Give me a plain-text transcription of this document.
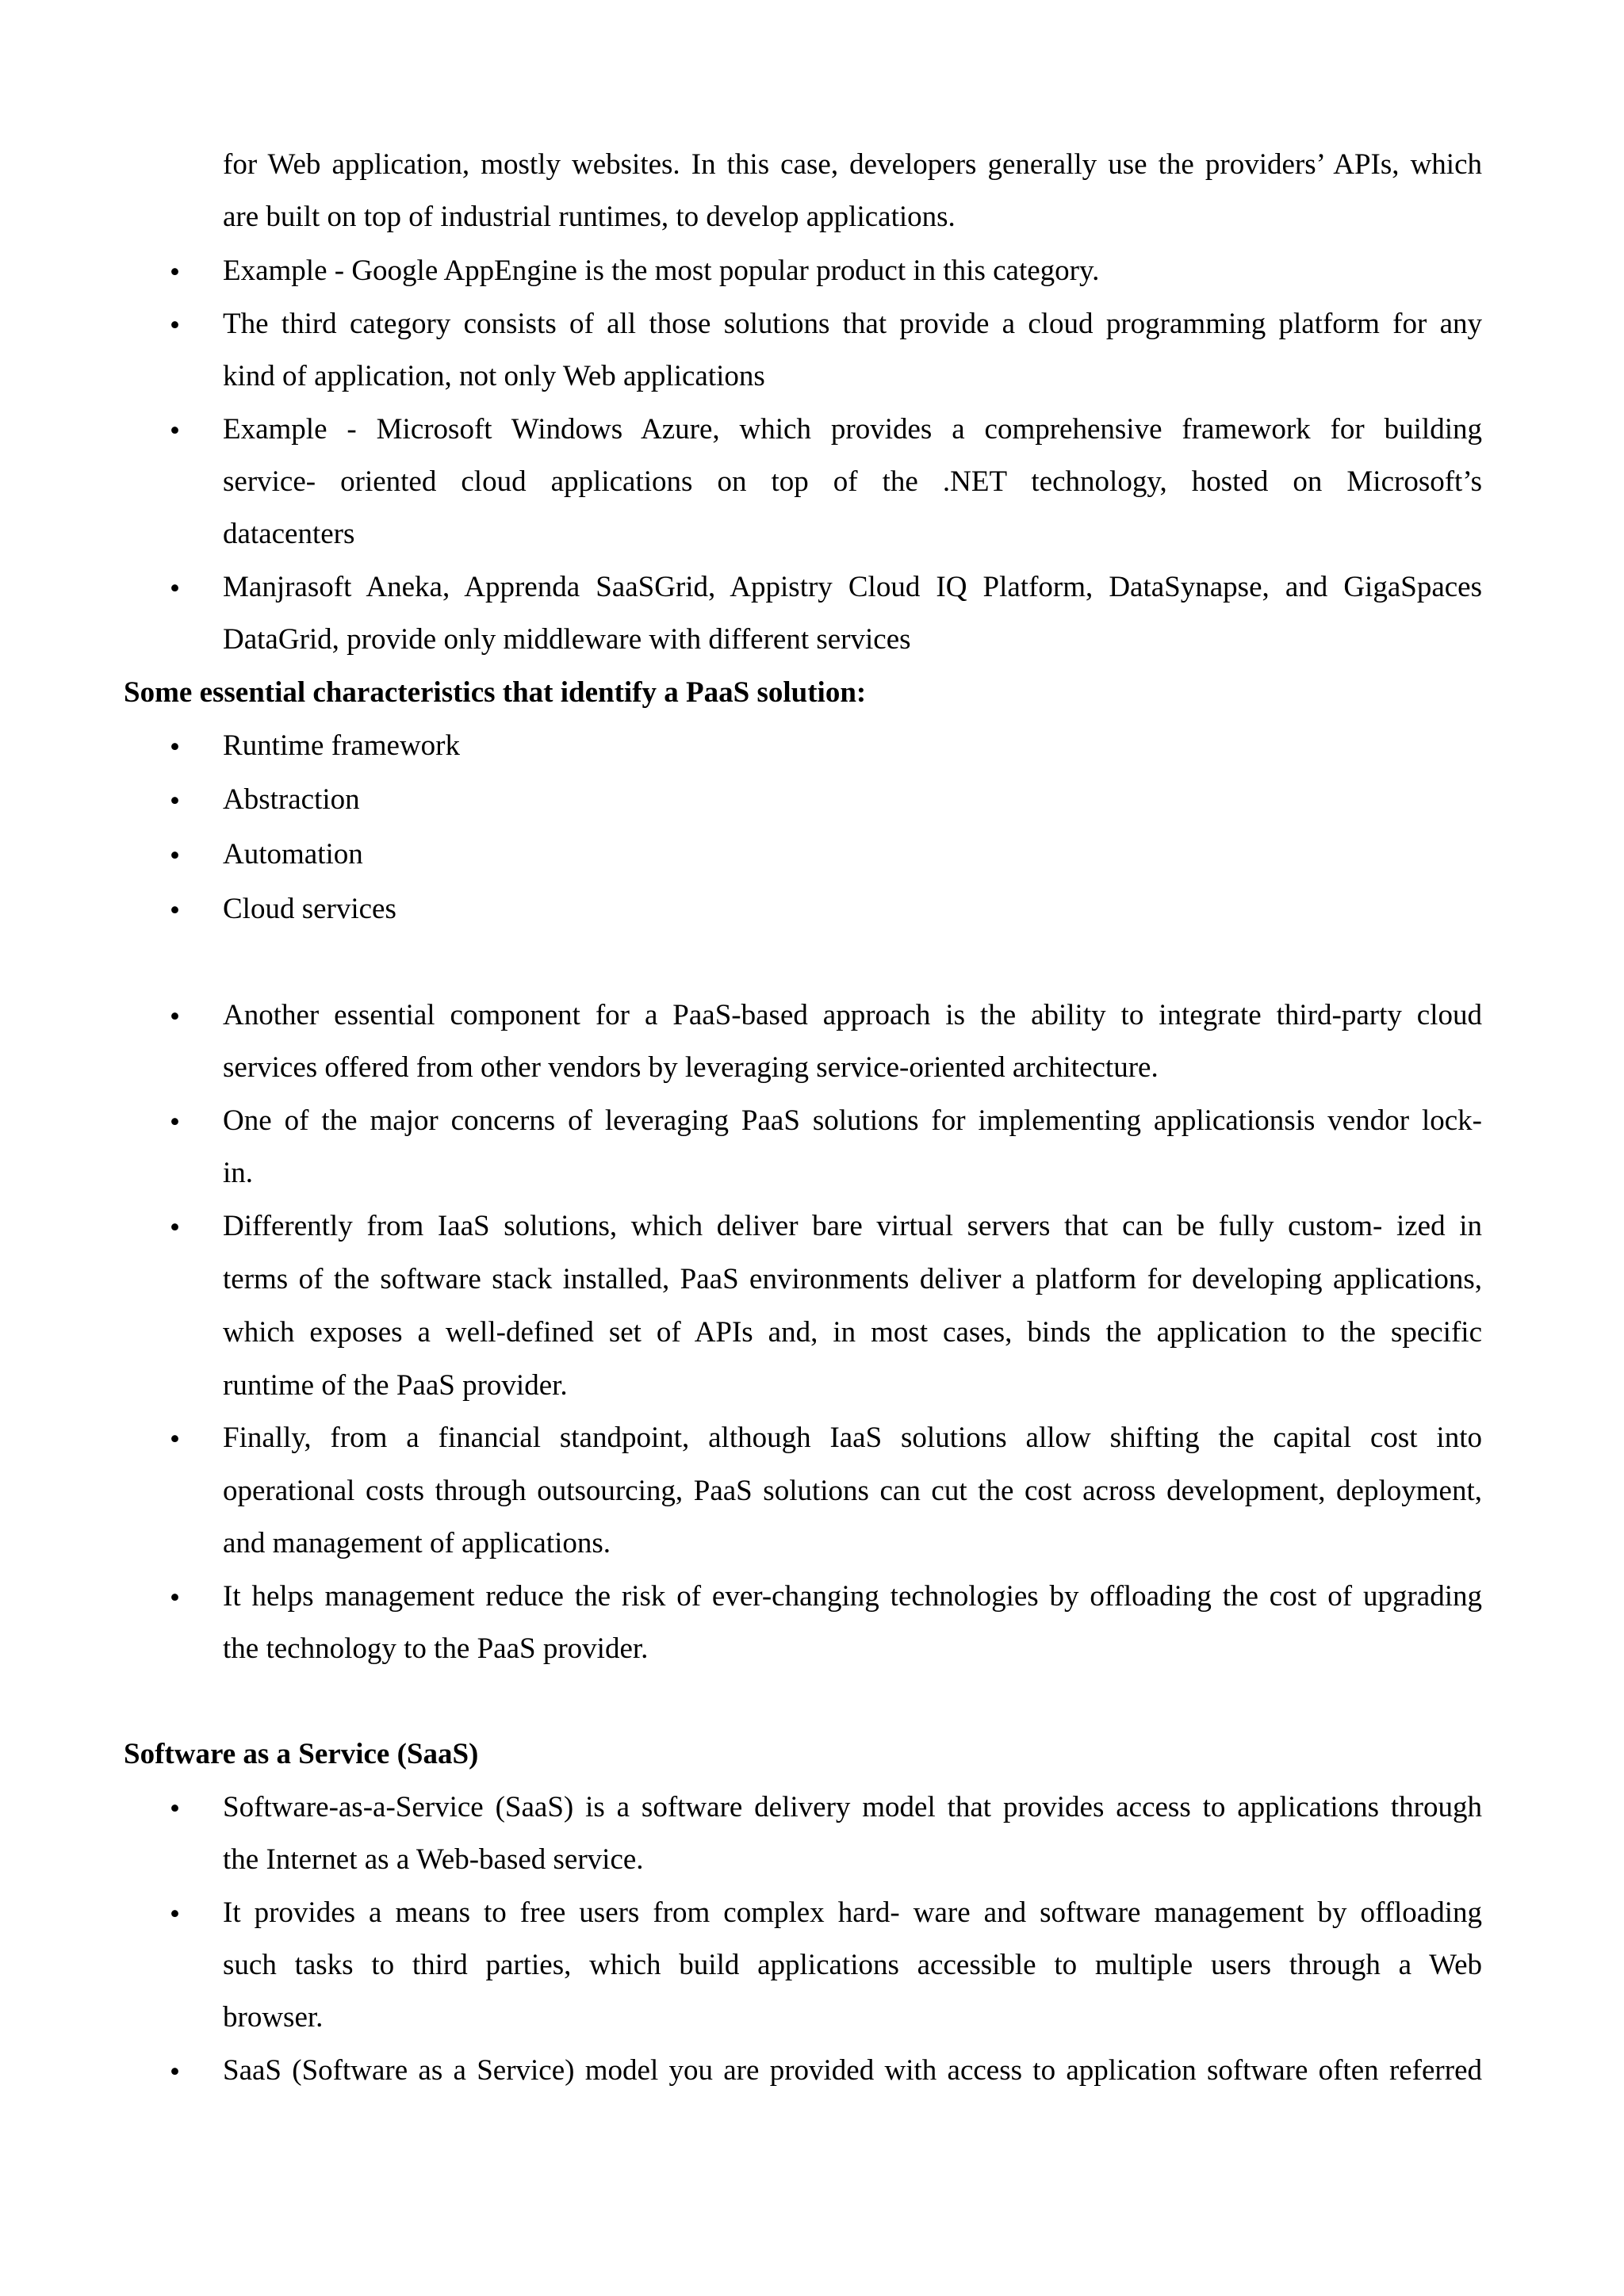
for Web application, mostly websites. In this case, developers generally use the providers’ APIs, which
are built on top of industrial runtimes, to develop applications.
• Example - Google AppEngine is the most popular product in this category.
• The third category consists of all those solutions that provide a cloud programming platform for any
kind of application, not only Web applications
• Example - Microsoft Windows Azure, which provides a comprehensive framework for building
service- oriented cloud applications on top of the .NET technology, hosted on Microsoft’s
datacenters
• Manjrasoft Aneka, Apprenda SaaSGrid, Appistry Cloud IQ Platform, DataSynapse, and GigaSpaces
DataGrid, provide only middleware with different services
Some essential characteristics that identify a PaaS solution:
• Runtime framework
• Abstraction
• Automation
• Cloud services
• Another essential component for a PaaS-based approach is the ability to integrate third-party cloud
services offered from other vendors by leveraging service-oriented architecture.
• One of the major concerns of leveraging PaaS solutions for implementing applicationsis vendor lock-
in.
• Differently from IaaS solutions, which deliver bare virtual servers that can be fully custom- ized in
terms of the software stack installed, PaaS environments deliver a platform for developing applications,
which exposes a well-defined set of APIs and, in most cases, binds the application to the specific
runtime of the PaaS provider.
• Finally, from a financial standpoint, although IaaS solutions allow shifting the capital cost into
operational costs through outsourcing, PaaS solutions can cut the cost across development, deployment,
and management of applications.
• It helps management reduce the risk of ever-changing technologies by offloading the cost of upgrading
the technology to the PaaS provider.
Software as a Service (SaaS)
• Software-as-a-Service (SaaS) is a software delivery model that provides access to applications through
the Internet as a Web-based service.
• It provides a means to free users from complex hard- ware and software management by offloading
such tasks to third parties, which build applications accessible to multiple users through a Web
browser.
• SaaS (Software as a Service) model you are provided with access to application software often referred
